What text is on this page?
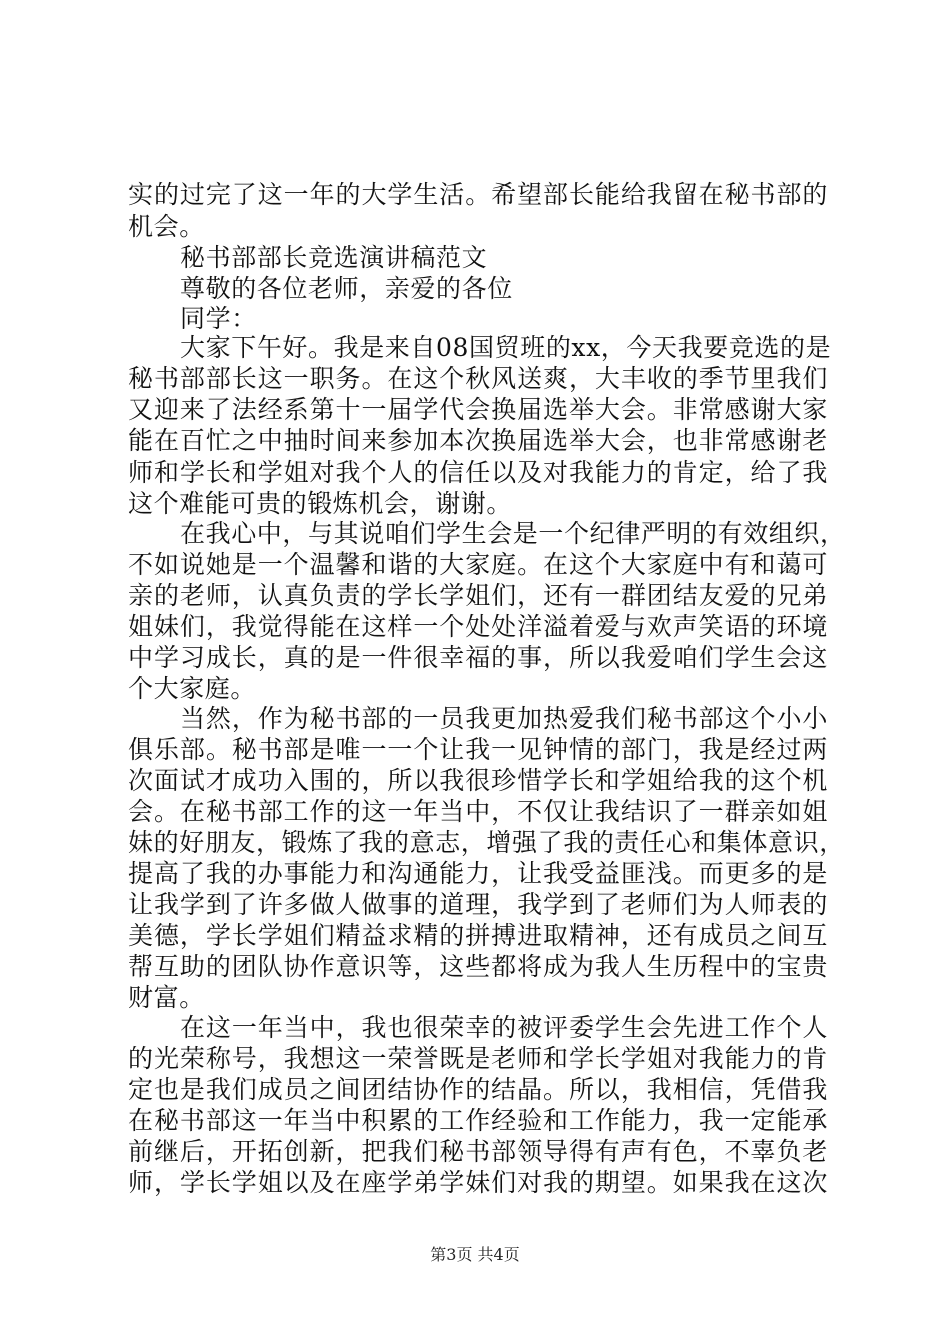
实的过完了这一年的大学生活。希望部长能给我留在秘书部的
机会。
秘书部部长竞选演讲稿范文
尊敬的各位老师，亲爱的各位
同学：
大家下午好。我是来自08国贸班的xx，今天我要竞选的是
秘书部部长这一职务。在这个秋风送爽，大丰收的季节里我们
又迎来了法经系第十一届学代会换届选举大会。非常感谢大家
能在百忙之中抽时间来参加本次换届选举大会，也非常感谢老
师和学长和学姐对我个人的信任以及对我能力的肯定，给了我
这个难能可贵的锻炼机会，谢谢。
在我心中，与其说咱们学生会是一个纪律严明的有效组织，
不如说她是一个温馨和谐的大家庭。在这个大家庭中有和蔼可
亲的老师，认真负责的学长学姐们，还有一群团结友爱的兄弟
姐妹们，我觉得能在这样一个处处洋溢着爱与欢声笑语的环境
中学习成长，真的是一件很幸福的事，所以我爱咱们学生会这
个大家庭。
当然，作为秘书部的一员我更加热爱我们秘书部这个小小
俱乐部。秘书部是唯一一个让我一见钟情的部门，我是经过两
次面试才成功入围的，所以我很珍惜学长和学姐给我的这个机
会。在秘书部工作的这一年当中，不仅让我结识了一群亲如姐
妹的好朋友，锻炼了我的意志，增强了我的责任心和集体意识，
提高了我的办事能力和沟通能力，让我受益匪浅。而更多的是
让我学到了许多做人做事的道理，我学到了老师们为人师表的
美德，学长学姐们精益求精的拼搏进取精神，还有成员之间互
帮互助的团队协作意识等，这些都将成为我人生历程中的宝贵
财富。
在这一年当中，我也很荣幸的被评委学生会先进工作个人
的光荣称号，我想这一荣誉既是老师和学长学姐对我能力的肯
定也是我们成员之间团结协作的结晶。所以，我相信，凭借我
在秘书部这一年当中积累的工作经验和工作能力，我一定能承
前继后，开拓创新，把我们秘书部领导得有声有色，不辜负老
师，学长学姐以及在座学弟学妹们对我的期望。如果我在这次
第3页 共4页
